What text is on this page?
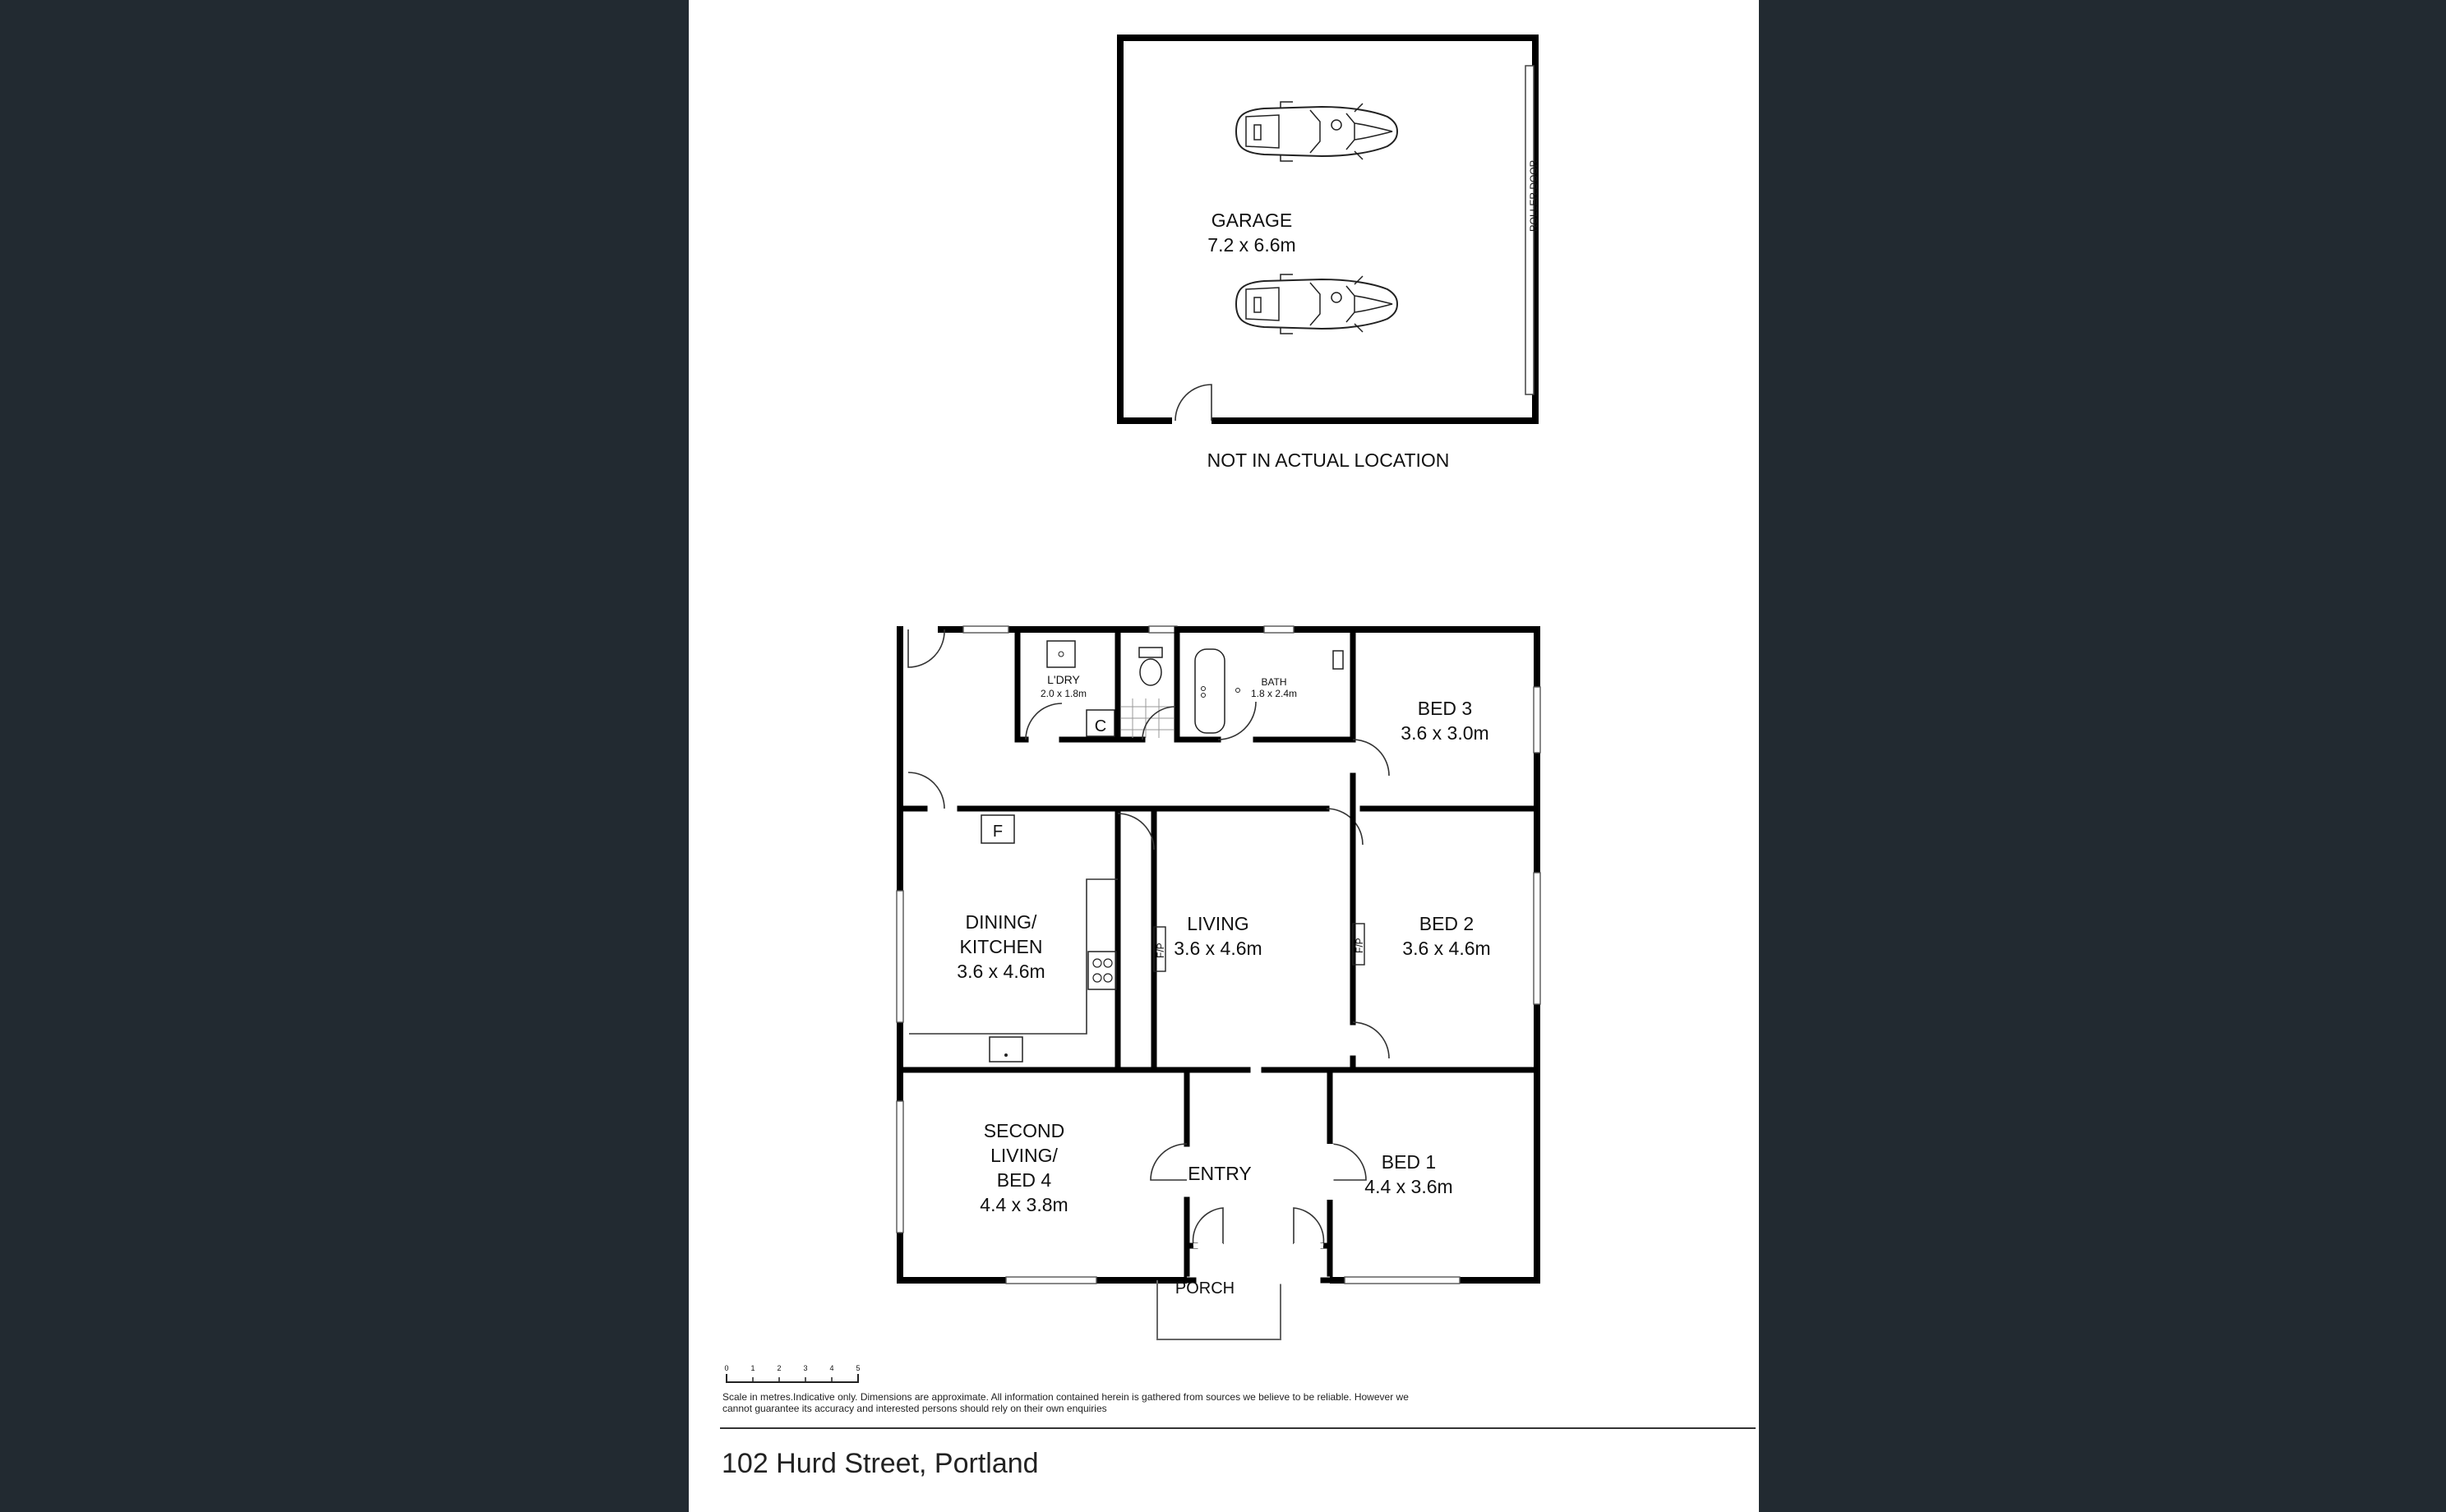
ROLLER DOOR
GARAGE
7.2 x 6.6m
NOT IN ACTUAL LOCATION
C
L'DRY
2.0 x 1.8m
BATH
1.8 x 2.4m
BED 3
3.6 x 3.0m
F
DINING/
KITCHEN
3.6 x 4.6m
F/P
LIVING
3.6 x 4.6m	F/P
BED 2
3.6 x 4.6m
SECOND
LIVING/
BED 4
4.4 x 3.8m
ENTRY
BED 1
4.4 x 3.6m
PORCH
0	1	2	3	4	5
Scale in metres.Indicative only. Dimensions are approximate. All information contained herein is gathered from sources we believe to be reliable. However we cannot guarantee its accuracy and interested persons should rely on their own enquiries
102 Hurd Street, Portland
